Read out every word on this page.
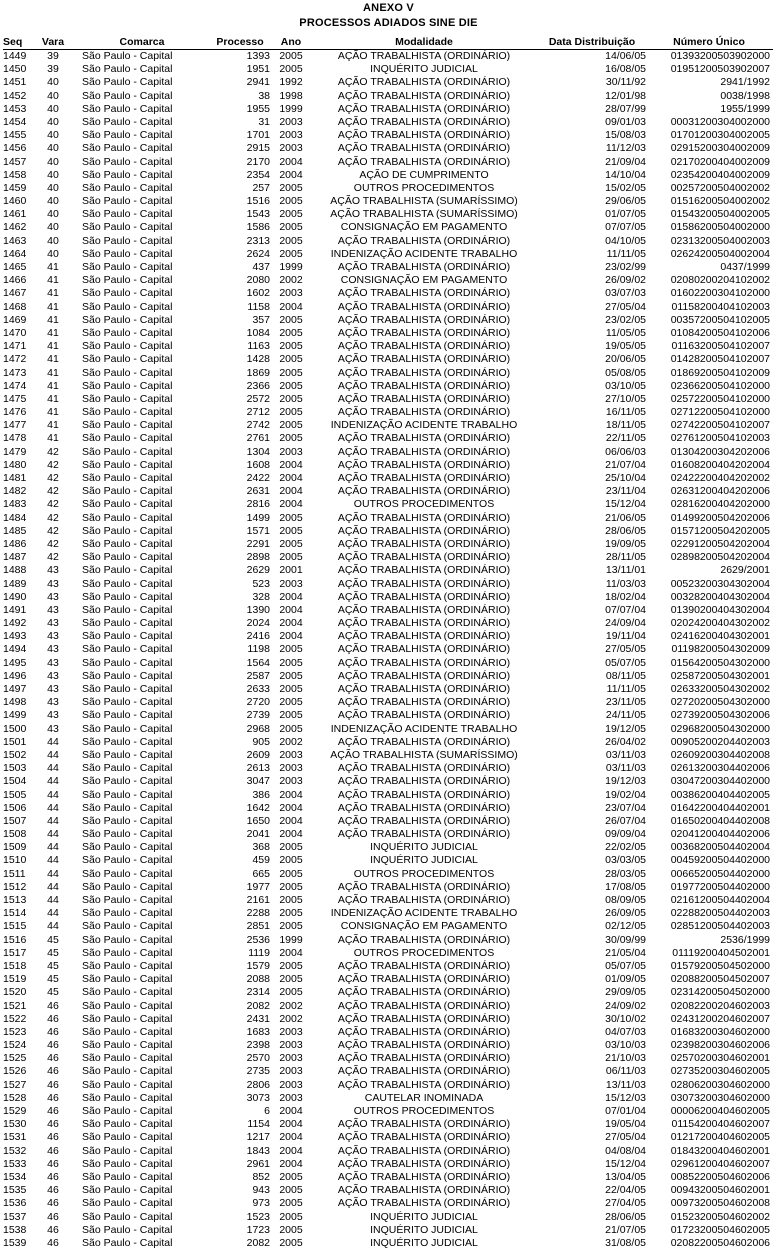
ANEXO V
PROCESSOS ADIADOS SINE DIE
Seq	Vara	Comarca	Processo	Ano	Modalidade	Data Distribuição	Número Único
1449	39	São Paulo - Capital	1393 2005	AÇÃO TRABALHISTA (ORDINÁRIO)	14/06/05	01393200503902000
1450	39	São Paulo - Capital	1951 2005	INQUÉRITO JUDICIAL	16/08/05	01951200503902007
1451	40	São Paulo - Capital	2941 1992	AÇÃO TRABALHISTA (ORDINÁRIO)	30/11/92	2941/1992
1452	40	São Paulo - Capital	38 1998	AÇÃO TRABALHISTA (ORDINÁRIO)	12/01/98	0038/1998
1453	40	São Paulo - Capital	1955 1999	AÇÃO TRABALHISTA (ORDINÁRIO)	28/07/99	1955/1999
1454	40	São Paulo - Capital	31 2003	AÇÃO TRABALHISTA (ORDINÁRIO)	09/01/03	00031200304002000
1455	40	São Paulo - Capital	1701 2003	AÇÃO TRABALHISTA (ORDINÁRIO)	15/08/03	01701200304002005
1456	40	São Paulo - Capital	2915 2003	AÇÃO TRABALHISTA (ORDINÁRIO)	11/12/03	02915200304002009
1457	40	São Paulo - Capital	2170 2004	AÇÃO TRABALHISTA (ORDINÁRIO)	21/09/04	02170200404002009
1458	40	São Paulo - Capital	2354 2004	AÇÃO DE CUMPRIMENTO	14/10/04	02354200404002009
1459	40	São Paulo - Capital	257 2005	OUTROS PROCEDIMENTOS	15/02/05	00257200504002002
1460	40	São Paulo - Capital	1516 2005	AÇÃO TRABALHISTA (SUMARÍSSIMO)	29/06/05	01516200504002002
1461	40	São Paulo - Capital	1543 2005	AÇÃO TRABALHISTA (SUMARÍSSIMO)	01/07/05	01543200504002005
1462	40	São Paulo - Capital	1586 2005	CONSIGNAÇÃO EM PAGAMENTO	07/07/05	01586200504002000
1463	40	São Paulo - Capital	2313 2005	AÇÃO TRABALHISTA (ORDINÁRIO)	04/10/05	02313200504002003
1464	40	São Paulo - Capital	2624 2005	INDENIZAÇÃO ACIDENTE TRABALHO	11/11/05	02624200504002004
1465	41	São Paulo - Capital	437 1999	AÇÃO TRABALHISTA (ORDINÁRIO)	23/02/99	0437/1999
1466	41	São Paulo - Capital	2080 2002	CONSIGNAÇÃO EM PAGAMENTO	26/09/02	02080200204102002
1467	41	São Paulo - Capital	1602 2003	AÇÃO TRABALHISTA (ORDINÁRIO)	03/07/03	01602200304102000
1468	41	São Paulo - Capital	1158 2004	AÇÃO TRABALHISTA (ORDINÁRIO)	27/05/04	01158200404102003
1469	41	São Paulo - Capital	357 2005	AÇÃO TRABALHISTA (ORDINÁRIO)	23/02/05	00357200504102005
1470	41	São Paulo - Capital	1084 2005	AÇÃO TRABALHISTA (ORDINÁRIO)	11/05/05	01084200504102006
1471	41	São Paulo - Capital	1163 2005	AÇÃO TRABALHISTA (ORDINÁRIO)	19/05/05	01163200504102007
1472	41	São Paulo - Capital	1428 2005	AÇÃO TRABALHISTA (ORDINÁRIO)	20/06/05	01428200504102007
1473	41	São Paulo - Capital	1869 2005	AÇÃO TRABALHISTA (ORDINÁRIO)	05/08/05	01869200504102009
1474	41	São Paulo - Capital	2366 2005	AÇÃO TRABALHISTA (ORDINÁRIO)	03/10/05	02366200504102000
1475	41	São Paulo - Capital	2572 2005	AÇÃO TRABALHISTA (ORDINÁRIO)	27/10/05	02572200504102000
1476	41	São Paulo - Capital	2712 2005	AÇÃO TRABALHISTA (ORDINÁRIO)	16/11/05	02712200504102000
1477	41	São Paulo - Capital	2742 2005	INDENIZAÇÃO ACIDENTE TRABALHO	18/11/05	02742200504102007
1478	41	São Paulo - Capital	2761 2005	AÇÃO TRABALHISTA (ORDINÁRIO)	22/11/05	02761200504102003
1479	42	São Paulo - Capital	1304 2003	AÇÃO TRABALHISTA (ORDINÁRIO)	06/06/03	01304200304202006
1480	42	São Paulo - Capital	1608 2004	AÇÃO TRABALHISTA (ORDINÁRIO)	21/07/04	01608200404202004
1481	42	São Paulo - Capital	2422 2004	AÇÃO TRABALHISTA (ORDINÁRIO)	25/10/04	02422200404202002
1482	42	São Paulo - Capital	2631 2004	AÇÃO TRABALHISTA (ORDINÁRIO)	23/11/04	02631200404202006
1483	42	São Paulo - Capital	2816 2004	OUTROS PROCEDIMENTOS	15/12/04	02816200404202000
1484	42	São Paulo - Capital	1499 2005	AÇÃO TRABALHISTA (ORDINÁRIO)	21/06/05	01499200504202006
1485	42	São Paulo - Capital	1571 2005	AÇÃO TRABALHISTA (ORDINÁRIO)	28/06/05	01571200504202005
1486	42	São Paulo - Capital	2291 2005	AÇÃO TRABALHISTA (ORDINÁRIO)	19/09/05	02291200504202004
1487	42	São Paulo - Capital	2898 2005	AÇÃO TRABALHISTA (ORDINÁRIO)	28/11/05	02898200504202004
1488	43	São Paulo - Capital	2629 2001	AÇÃO TRABALHISTA (ORDINÁRIO)	13/11/01	2629/2001
1489	43	São Paulo - Capital	523 2003	AÇÃO TRABALHISTA (ORDINÁRIO)	11/03/03	00523200304302004
1490	43	São Paulo - Capital	328 2004	AÇÃO TRABALHISTA (ORDINÁRIO)	18/02/04	00328200404302004
1491	43	São Paulo - Capital	1390 2004	AÇÃO TRABALHISTA (ORDINÁRIO)	07/07/04	01390200404302004
1492	43	São Paulo - Capital	2024 2004	AÇÃO TRABALHISTA (ORDINÁRIO)	24/09/04	02024200404302002
1493	43	São Paulo - Capital	2416 2004	AÇÃO TRABALHISTA (ORDINÁRIO)	19/11/04	02416200404302001
1494	43	São Paulo - Capital	1198 2005	AÇÃO TRABALHISTA (ORDINÁRIO)	27/05/05	01198200504302009
1495	43	São Paulo - Capital	1564 2005	AÇÃO TRABALHISTA (ORDINÁRIO)	05/07/05	01564200504302000
1496	43	São Paulo - Capital	2587 2005	AÇÃO TRABALHISTA (ORDINÁRIO)	08/11/05	02587200504302001
1497	43	São Paulo - Capital	2633 2005	AÇÃO TRABALHISTA (ORDINÁRIO)	11/11/05	02633200504302002
1498	43	São Paulo - Capital	2720 2005	AÇÃO TRABALHISTA (ORDINÁRIO)	23/11/05	02720200504302000
1499	43	São Paulo - Capital	2739 2005	AÇÃO TRABALHISTA (ORDINÁRIO)	24/11/05	02739200504302006
1500	43	São Paulo - Capital	2968 2005	INDENIZAÇÃO ACIDENTE TRABALHO	19/12/05	02968200504302000
1501	44	São Paulo - Capital	905 2002	AÇÃO TRABALHISTA (ORDINÁRIO)	26/04/02	00905200204402003
1502	44	São Paulo - Capital	2609 2003	AÇÃO TRABALHISTA (SUMARÍSSIMO)	03/11/03	02609200304402008
1503	44	São Paulo - Capital	2613 2003	AÇÃO TRABALHISTA (ORDINÁRIO)	03/11/03	02613200304402006
1504	44	São Paulo - Capital	3047 2003	AÇÃO TRABALHISTA (ORDINÁRIO)	19/12/03	03047200304402000
1505	44	São Paulo - Capital	386 2004	AÇÃO TRABALHISTA (ORDINÁRIO)	19/02/04	00386200404402005
1506	44	São Paulo - Capital	1642 2004	AÇÃO TRABALHISTA (ORDINÁRIO)	23/07/04	01642200404402001
1507	44	São Paulo - Capital	1650 2004	AÇÃO TRABALHISTA (ORDINÁRIO)	26/07/04	01650200404402008
1508	44	São Paulo - Capital	2041 2004	AÇÃO TRABALHISTA (ORDINÁRIO)	09/09/04	02041200404402006
1509	44	São Paulo - Capital	368 2005	INQUÉRITO JUDICIAL	22/02/05	00368200504402004
1510	44	São Paulo - Capital	459 2005	INQUÉRITO JUDICIAL	03/03/05	00459200504402000
1511	44	São Paulo - Capital	665 2005	OUTROS PROCEDIMENTOS	28/03/05	00665200504402000
1512	44	São Paulo - Capital	1977 2005	AÇÃO TRABALHISTA (ORDINÁRIO)	17/08/05	01977200504402000
1513	44	São Paulo - Capital	2161 2005	AÇÃO TRABALHISTA (ORDINÁRIO)	08/09/05	02161200504402004
1514	44	São Paulo - Capital	2288 2005	INDENIZAÇÃO ACIDENTE TRABALHO	26/09/05	02288200504402003
1515	44	São Paulo - Capital	2851 2005	CONSIGNAÇÃO EM PAGAMENTO	02/12/05	02851200504402003
1516	45	São Paulo - Capital	2536 1999	AÇÃO TRABALHISTA (ORDINÁRIO)	30/09/99	2536/1999
1517	45	São Paulo - Capital	1119 2004	OUTROS PROCEDIMENTOS	21/05/04	01119200404502001
1518	45	São Paulo - Capital	1579 2005	AÇÃO TRABALHISTA (ORDINÁRIO)	05/07/05	01579200504502000
1519	45	São Paulo - Capital	2088 2005	AÇÃO TRABALHISTA (ORDINÁRIO)	01/09/05	02088200504502007
1520	45	São Paulo - Capital	2314 2005	AÇÃO TRABALHISTA (ORDINÁRIO)	29/09/05	02314200504502000
1521	46	São Paulo - Capital	2082 2002	AÇÃO TRABALHISTA (ORDINÁRIO)	24/09/02	02082200204602003
1522	46	São Paulo - Capital	2431 2002	AÇÃO TRABALHISTA (ORDINÁRIO)	30/10/02	02431200204602007
1523	46	São Paulo - Capital	1683 2003	AÇÃO TRABALHISTA (ORDINÁRIO)	04/07/03	01683200304602000
1524	46	São Paulo - Capital	2398 2003	AÇÃO TRABALHISTA (ORDINÁRIO)	03/10/03	02398200304602006
1525	46	São Paulo - Capital	2570 2003	AÇÃO TRABALHISTA (ORDINÁRIO)	21/10/03	02570200304602001
1526	46	São Paulo - Capital	2735 2003	AÇÃO TRABALHISTA (ORDINÁRIO)	06/11/03	02735200304602005
1527	46	São Paulo - Capital	2806 2003	AÇÃO TRABALHISTA (ORDINÁRIO)	13/11/03	02806200304602000
1528	46	São Paulo - Capital	3073 2003	CAUTELAR INOMINADA	15/12/03	03073200304602000
1529	46	São Paulo - Capital	6 2004	OUTROS PROCEDIMENTOS	07/01/04	00006200404602005
1530	46	São Paulo - Capital	1154 2004	AÇÃO TRABALHISTA (ORDINÁRIO)	19/05/04	01154200404602007
1531	46	São Paulo - Capital	1217 2004	AÇÃO TRABALHISTA (ORDINÁRIO)	27/05/04	01217200404602005
1532	46	São Paulo - Capital	1843 2004	AÇÃO TRABALHISTA (ORDINÁRIO)	04/08/04	01843200404602001
1533	46	São Paulo - Capital	2961 2004	AÇÃO TRABALHISTA (ORDINÁRIO)	15/12/04	02961200404602007
1534	46	São Paulo - Capital	852 2005	AÇÃO TRABALHISTA (ORDINÁRIO)	13/04/05	00852200504602006
1535	46	São Paulo - Capital	943 2005	AÇÃO TRABALHISTA (ORDINÁRIO)	22/04/05	00943200504602001
1536	46	São Paulo - Capital	973 2005	AÇÃO TRABALHISTA (ORDINÁRIO)	27/04/05	00973200504602008
1537	46	São Paulo - Capital	1523 2005	INQUÉRITO JUDICIAL	28/06/05	01523200504602002
1538	46	São Paulo - Capital	1723 2005	INQUÉRITO JUDICIAL	21/07/05	01723200504602005
1539	46	São Paulo - Capital	2082 2005	INQUÉRITO JUDICIAL	31/08/05	02082200504602006
